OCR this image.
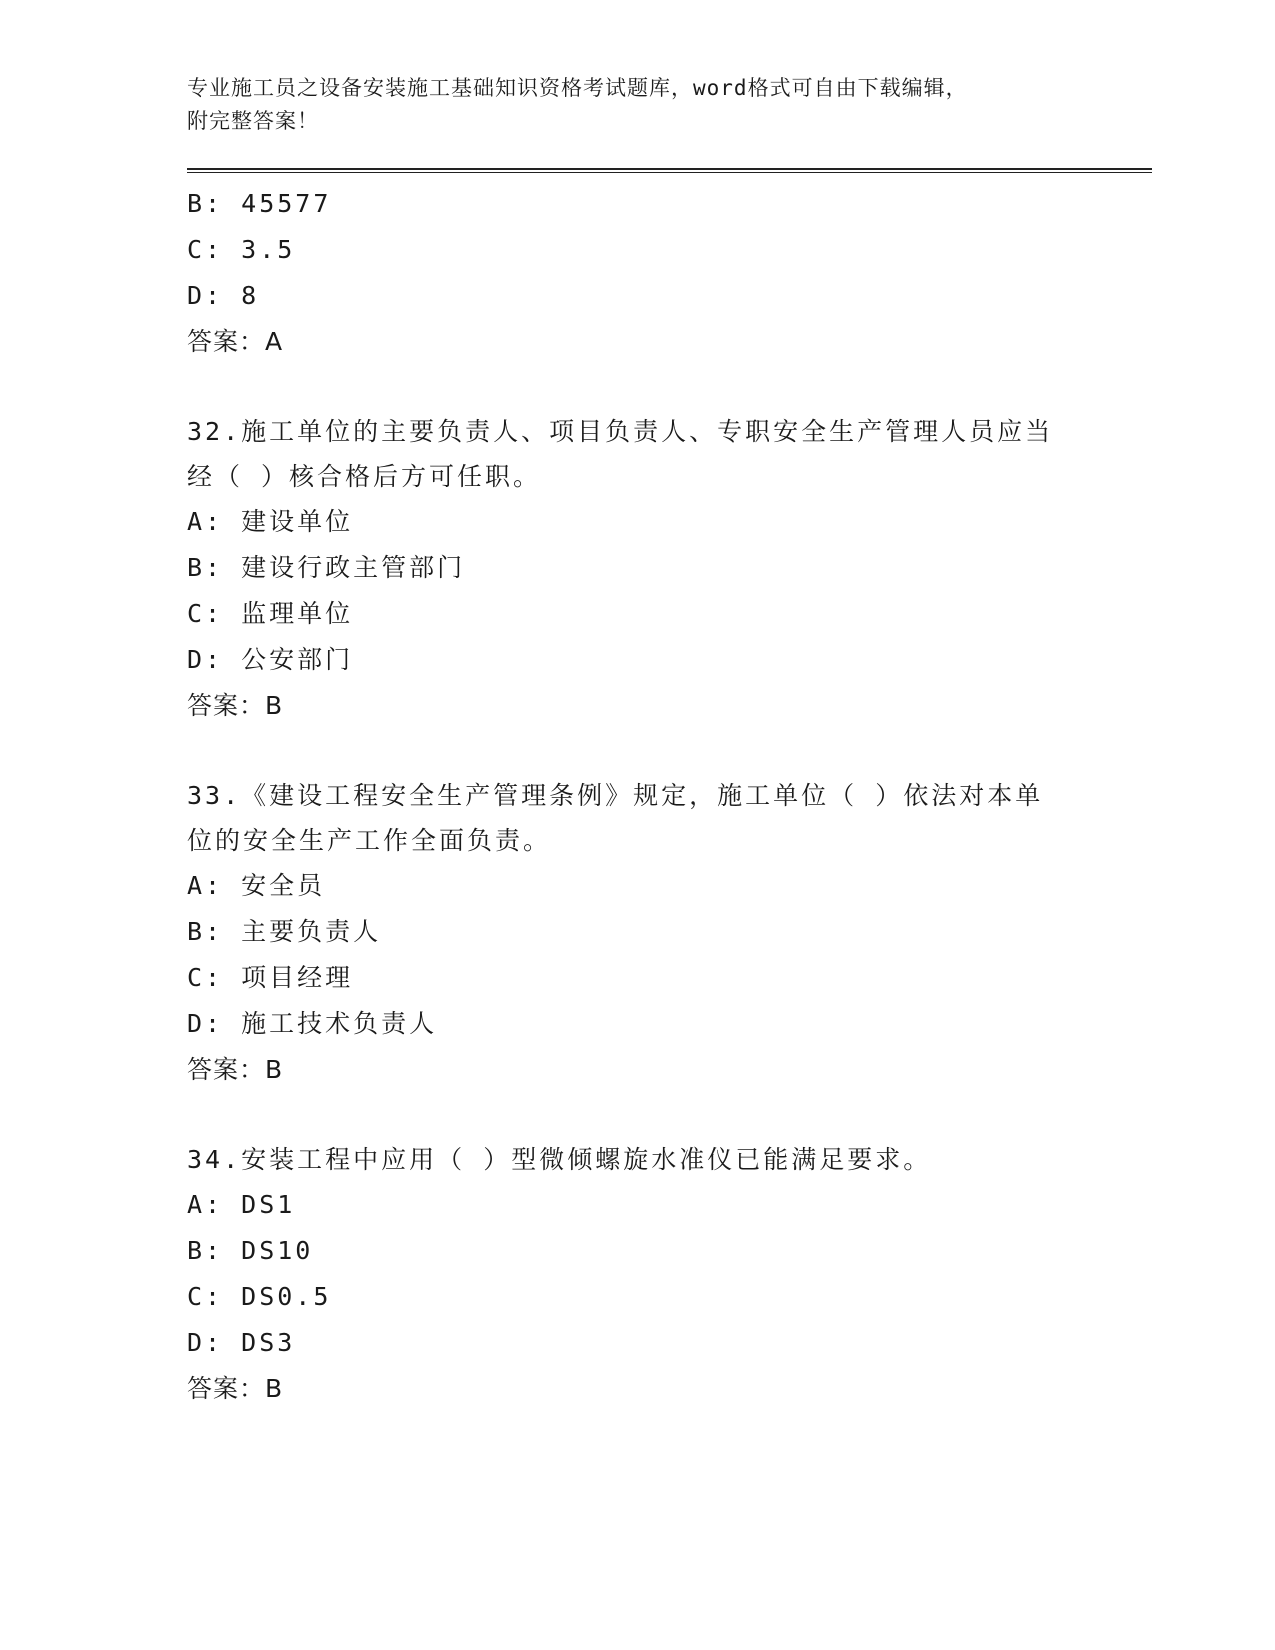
专业施工员之设备安装施工基础知识资格考试题库，word格式可自由下载编辑，
附完整答案！
B: 45577
C: 3.5
D: 8
答案：A
32.施工单位的主要负责人、项目负责人、专职安全生产管理人员应当
经（ ）核合格后方可任职。
A: 建设单位
B: 建设行政主管部门
C: 监理单位
D: 公安部门
答案：B
33.《建设工程安全生产管理条例》规定，施工单位（ ）依法对本单
位的安全生产工作全面负责。
A: 安全员
B: 主要负责人
C: 项目经理
D: 施工技术负责人
答案：B
34.安装工程中应用（ ）型微倾螺旋水准仪已能满足要求。
A: DS1
B: DS10
C: DS0.5
D: DS3
答案：B
